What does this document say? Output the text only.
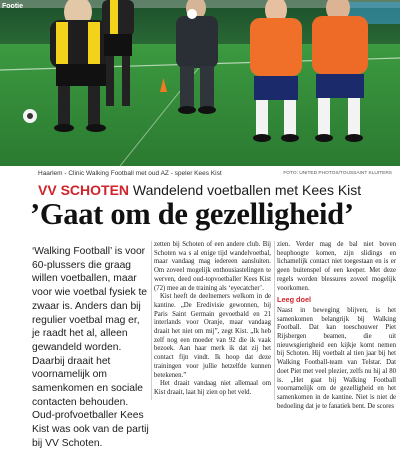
Footie
Haarlem - Clinic Walking Football met oud AZ - speler Kees Kist	FOTO: UNITED PHOTOS/TOUSSAINT KLUITERS
VV SCHOTEN Wandelend voetballen met Kees Kist
’Gaat om de gezelligheid’

‘Walking Football’ is voor 60-plussers die graag willen voetballen, maar voor wie voetbal fysiek te zwaar is. Anders dan bij regulier voetbal mag er, je raadt het al, alleen gewandeld worden. Daarbij draait het voornamelijk om samenkomen en sociale contacten behouden. Oud-profvoetballer Kees Kist was ook van de partij bij VV Schoten.

zetten bij Schoten of een andere club. Bij Schoten wa s al enige tijd wandelvoetbal, maar vandaag mag iedereen aansluiten. Om zoveel mogelijk enthousiastelingen te werven, deed oud-topvoetballer Kees Kist (72) mee an de training als ‘eyecatcher’.

Kist heeft de deelnemers welkom in de kantine. „De Eredivisie gewonnen, bij Paris Saint Germain gevoetbald en 21 interlands voor Oranje, maar vandaag draait het niet om mij”, zegt Kist. „Ik heb zelf nog een moeder van 92 die ik vaak bezoek. Aan haar merk ik dat zij het contact fijn vindt. Ik hoop dat deze trainingen voor jullie hetzelfde kunnen betekenen.”

Het draait vandaag niet allemaal om Kist draait, laat hij zien op het veld.

zien. Verder mag de bal niet boven heuphoogte komen, zijn slidings en lichamelijk contact niet toegestaan en is er geen buitenspel of een keeper. Met deze regels worden blessures zoveel mogelijk voorkomen.

Leeg doel

Naast in beweging blijven, is het samenkomen belangrijk bij Walking Football. Dat kan toeschouwer Piet Rijsbergen beamen, die uit nieuwsgierigheid een kijkje komt nemen bij Schoten. Hij voetbalt al tien jaar bij het Walking Football-team van Telstar. Dat doet Piet met veel plezier, zelfs nu hij al 80 is. „Het gaat bij Walking Football voornamelijk om de gezelligheid en het samenkomen in de kantine. Niet is niet de bedoeling dat je te fanatiek bent. De scores
